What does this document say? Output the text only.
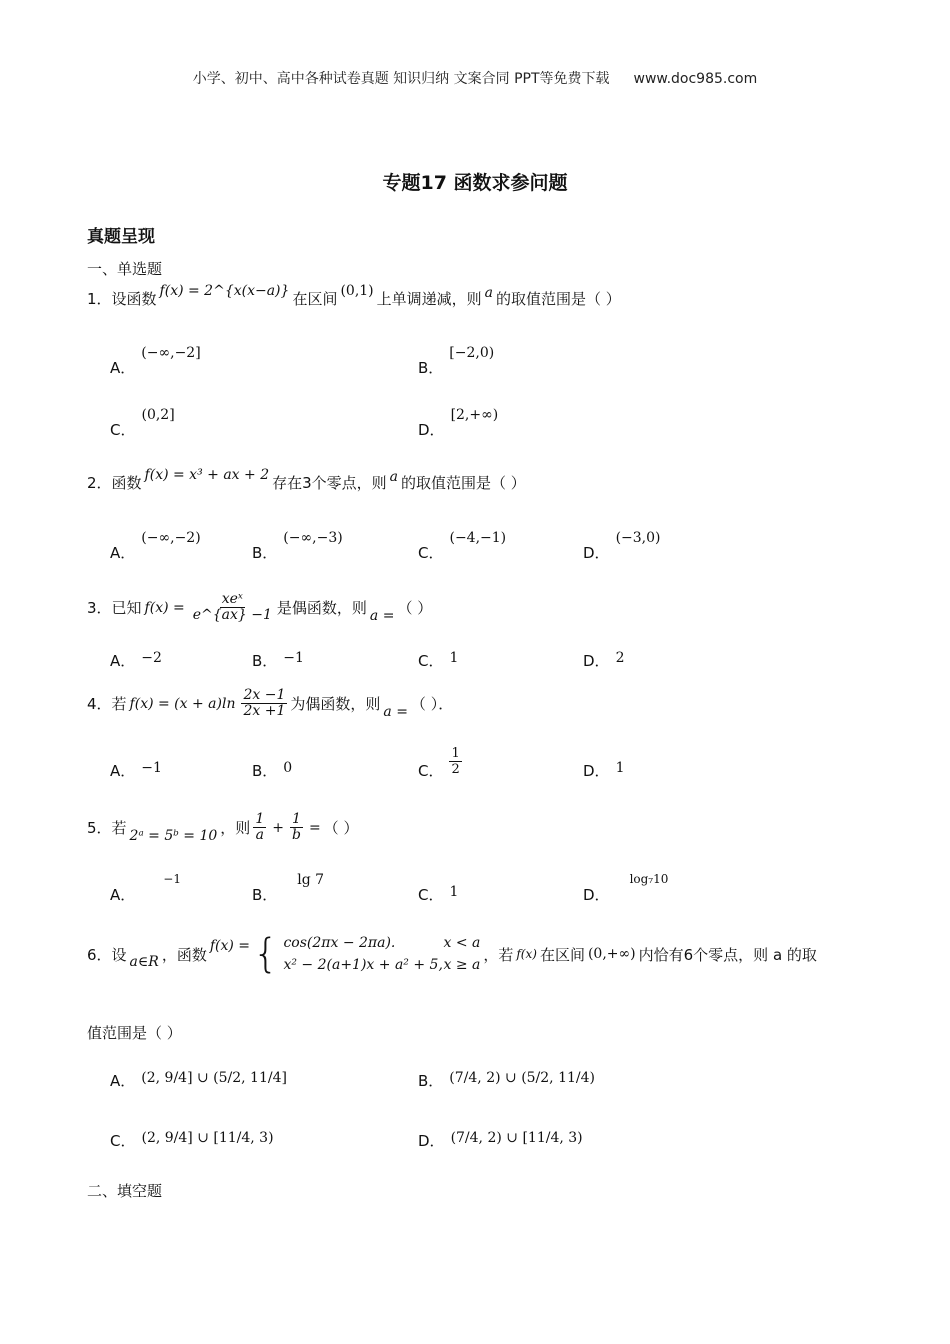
小学、初中、高中各种试卷真题 知识归纳 文案合同 PPT等免费下载 www.doc985.com
专题17 函数求参问题
真题呈现
一、单选题
1．设函数 f(x) = 2^{x(x−a)} 在区间 (0,1) 上单调递减，则 a 的取值范围是（ ）
A．
(−∞,−2]
B．
[−2,0)
C．
(0,2]
D．
[2,+∞)
2．函数 f(x) = x³ + ax + 2 存在3个零点，则 a 的取值范围是（ ）
A．
(−∞,−2)
B．
(−∞,−3)
C．
(−4,−1)
D．
(−3,0)
3．已知 $f(x) = \frac{\text{xeˣ}}{e\^{}\{ax\} -1}$ 是偶函数，则 a = （ ）
A． −2	B． −1	C． 1	D． 2
4．若 $f(x) = (x + a)\ln \frac{2x -1}{2x +1}$ 为偶函数，则 a = （ ）．
A． −1	B． 0	C． $\frac{1}{2}$	D． 1
5．若 2ᵃ = 5ᵇ = 10 ，则 $\frac{1}{a} + \frac{1}{b}$ = （ ）
A．
−1
B．
lg 7
C． 1	D．
log₇10
6．设 a∈R ，函数 f(x) = { cos(2πx − 2πa).	x < a
x² − 2(a+1)x + a² + 5, x ≥ a
，若 f(x) 在区间 (0,+∞) 内恰有6个零点，则 a 的取
值范围是（ ）
A． (2, 9/4] ∪ (5/2, 11/4]	B． (7/4, 2) ∪ (5/2, 11/4)
C． (2, 9/4] ∪ [11/4, 3)	D． (7/4, 2) ∪ [11/4, 3)
二、填空题
